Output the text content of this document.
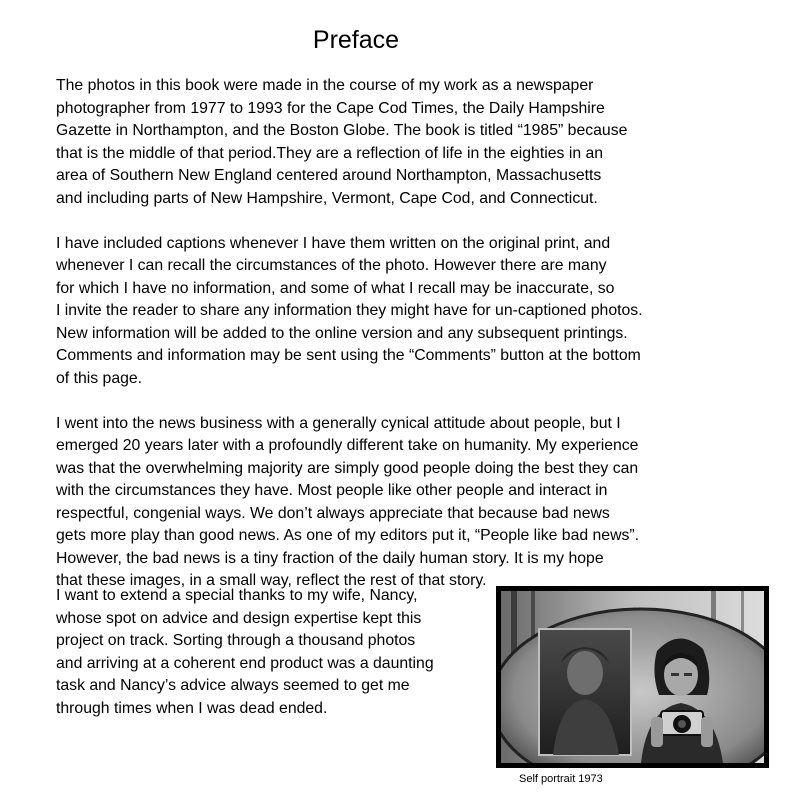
Preface
The photos in this book were made in the course of my work as a newspaper
photographer from 1977 to 1993 for the Cape Cod Times, the Daily Hampshire
Gazette in Northampton, and the Boston Globe. The book is titled “1985” because
that is the middle of that period.They are a reflection of life in the eighties in an
area of Southern New England centered around Northampton, Massachusetts
and including parts of New Hampshire, Vermont, Cape Cod, and Connecticut.
I have included captions whenever I have them written on the original print, and
whenever I can recall the circumstances of the photo. However there are many
for which I have no information, and some of what I recall may be inaccurate, so
I invite the reader to share any information they might have for un-captioned photos.
New information will be added to the online version and any subsequent printings.
Comments and information may be sent using the “Comments” button at the bottom
of this page.
I went into the news business with a generally cynical attitude about people, but I
emerged 20 years later with a profoundly different take on humanity. My experience
was that the overwhelming majority are simply good people doing the best they can
with the circumstances they have. Most people like other people and interact in
respectful, congenial ways. We don’t always appreciate that because bad news
gets more play than good news. As one of my editors put it, “People like bad news”.
However, the bad news is a tiny fraction of the daily human story. It is my hope
that these images, in a small way, reflect the rest of that story.
I want to extend a special thanks to my wife, Nancy,
whose spot on advice and design expertise kept this
project on track. Sorting through a thousand photos
and arriving at a coherent end product was a daunting
task and Nancy’s advice always seemed to get me
through times when I was dead ended.
Self portrait 1973
